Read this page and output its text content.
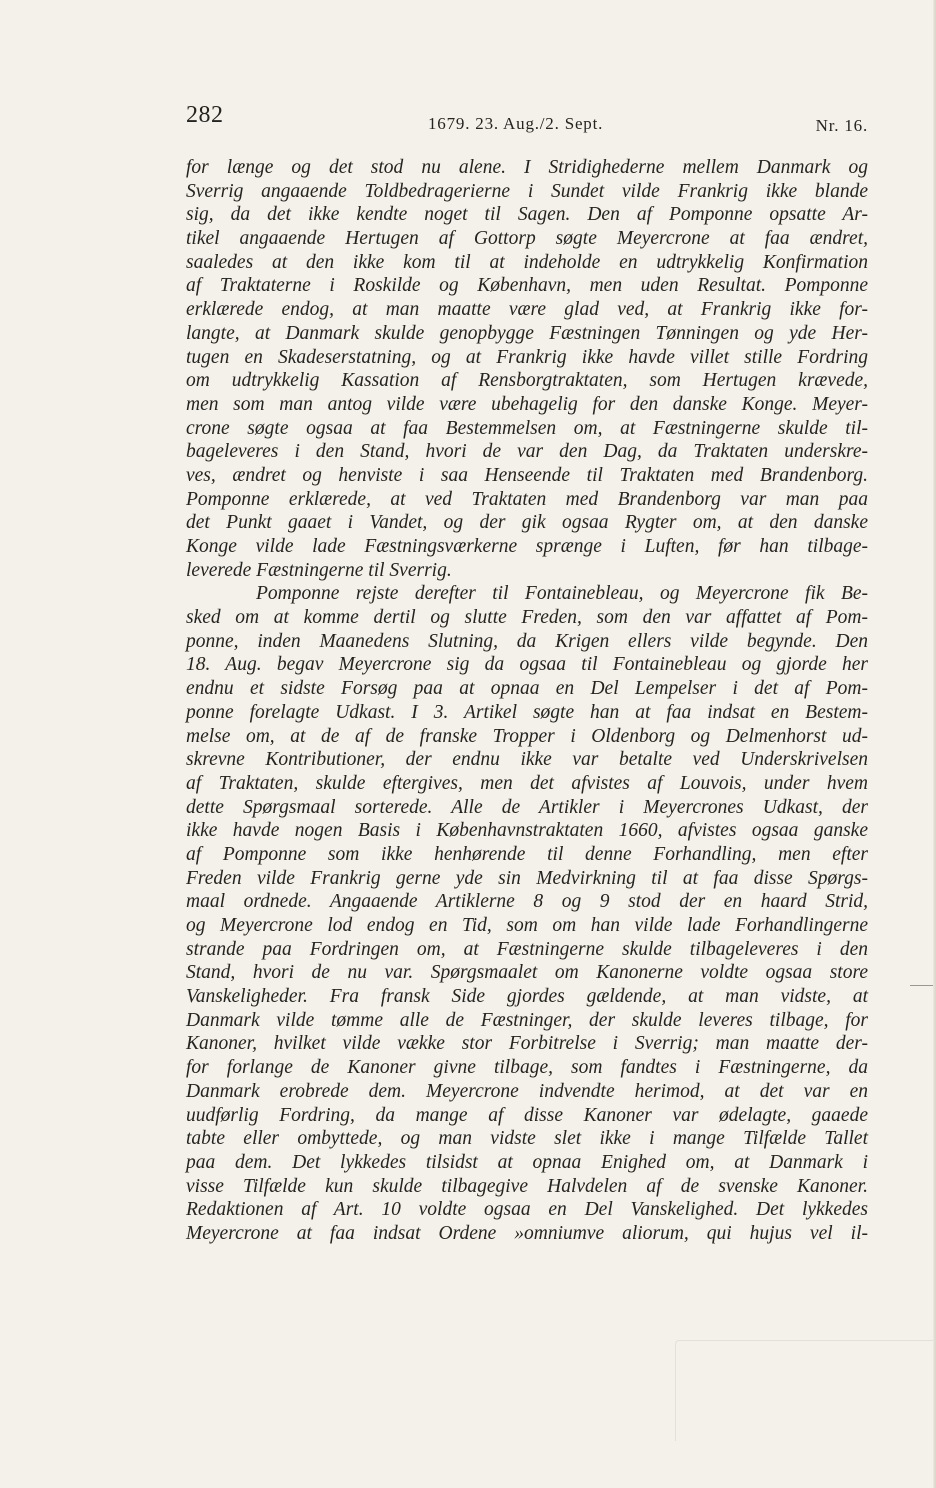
282	1679. 23. Aug./2. Sept.	Nr. 16.
for længe og det stod nu alene. I Stridighederne mellem Danmark og
Sverrig angaaende Toldbedragerierne i Sundet vilde Frankrig ikke blande
sig, da det ikke kendte noget til Sagen. Den af Pomponne opsatte Ar-
tikel angaaende Hertugen af Gottorp søgte Meyercrone at faa ændret,
saaledes at den ikke kom til at indeholde en udtrykkelig Konfirmation
af Traktaterne i Roskilde og København, men uden Resultat. Pomponne
erklærede endog, at man maatte være glad ved, at Frankrig ikke for-
langte, at Danmark skulde genopbygge Fæstningen Tønningen og yde Her-
tugen en Skadeserstatning, og at Frankrig ikke havde villet stille Fordring
om udtrykkelig Kassation af Rensborgtraktaten, som Hertugen krævede,
men som man antog vilde være ubehagelig for den danske Konge. Meyer-
crone søgte ogsaa at faa Bestemmelsen om, at Fæstningerne skulde til-
bageleveres i den Stand, hvori de var den Dag, da Traktaten underskre-
ves, ændret og henviste i saa Henseende til Traktaten med Brandenborg.
Pomponne erklærede, at ved Traktaten med Brandenborg var man paa
det Punkt gaaet i Vandet, og der gik ogsaa Rygter om, at den danske
Konge vilde lade Fæstningsværkerne sprænge i Luften, før han tilbage-
leverede Fæstningerne til Sverrig.
Pomponne rejste derefter til Fontainebleau, og Meyercrone fik Be-
sked om at komme dertil og slutte Freden, som den var affattet af Pom-
ponne, inden Maanedens Slutning, da Krigen ellers vilde begynde. Den
18. Aug. begav Meyercrone sig da ogsaa til Fontainebleau og gjorde her
endnu et sidste Forsøg paa at opnaa en Del Lempelser i det af Pom-
ponne forelagte Udkast. I 3. Artikel søgte han at faa indsat en Bestem-
melse om, at de af de franske Tropper i Oldenborg og Delmenhorst ud-
skrevne Kontributioner, der endnu ikke var betalte ved Underskrivelsen
af Traktaten, skulde eftergives, men det afvistes af Louvois, under hvem
dette Spørgsmaal sorterede. Alle de Artikler i Meyercrones Udkast, der
ikke havde nogen Basis i Københavnstraktaten 1660, afvistes ogsaa ganske
af Pomponne som ikke henhørende til denne Forhandling, men efter
Freden vilde Frankrig gerne yde sin Medvirkning til at faa disse Spørgs-
maal ordnede. Angaaende Artiklerne 8 og 9 stod der en haard Strid,
og Meyercrone lod endog en Tid, som om han vilde lade Forhandlingerne
strande paa Fordringen om, at Fæstningerne skulde tilbageleveres i den
Stand, hvori de nu var. Spørgsmaalet om Kanonerne voldte ogsaa store
Vanskeligheder. Fra fransk Side gjordes gældende, at man vidste, at
Danmark vilde tømme alle de Fæstninger, der skulde leveres tilbage, for
Kanoner, hvilket vilde vække stor Forbitrelse i Sverrig; man maatte der-
for forlange de Kanoner givne tilbage, som fandtes i Fæstningerne, da
Danmark erobrede dem. Meyercrone indvendte herimod, at det var en
uudførlig Fordring, da mange af disse Kanoner var ødelagte, gaaede
tabte eller ombyttede, og man vidste slet ikke i mange Tilfælde Tallet
paa dem. Det lykkedes tilsidst at opnaa Enighed om, at Danmark i
visse Tilfælde kun skulde tilbagegive Halvdelen af de svenske Kanoner.
Redaktionen af Art. 10 voldte ogsaa en Del Vanskelighed. Det lykkedes
Meyercrone at faa indsat Ordene »omniumve aliorum, qui hujus vel il-
